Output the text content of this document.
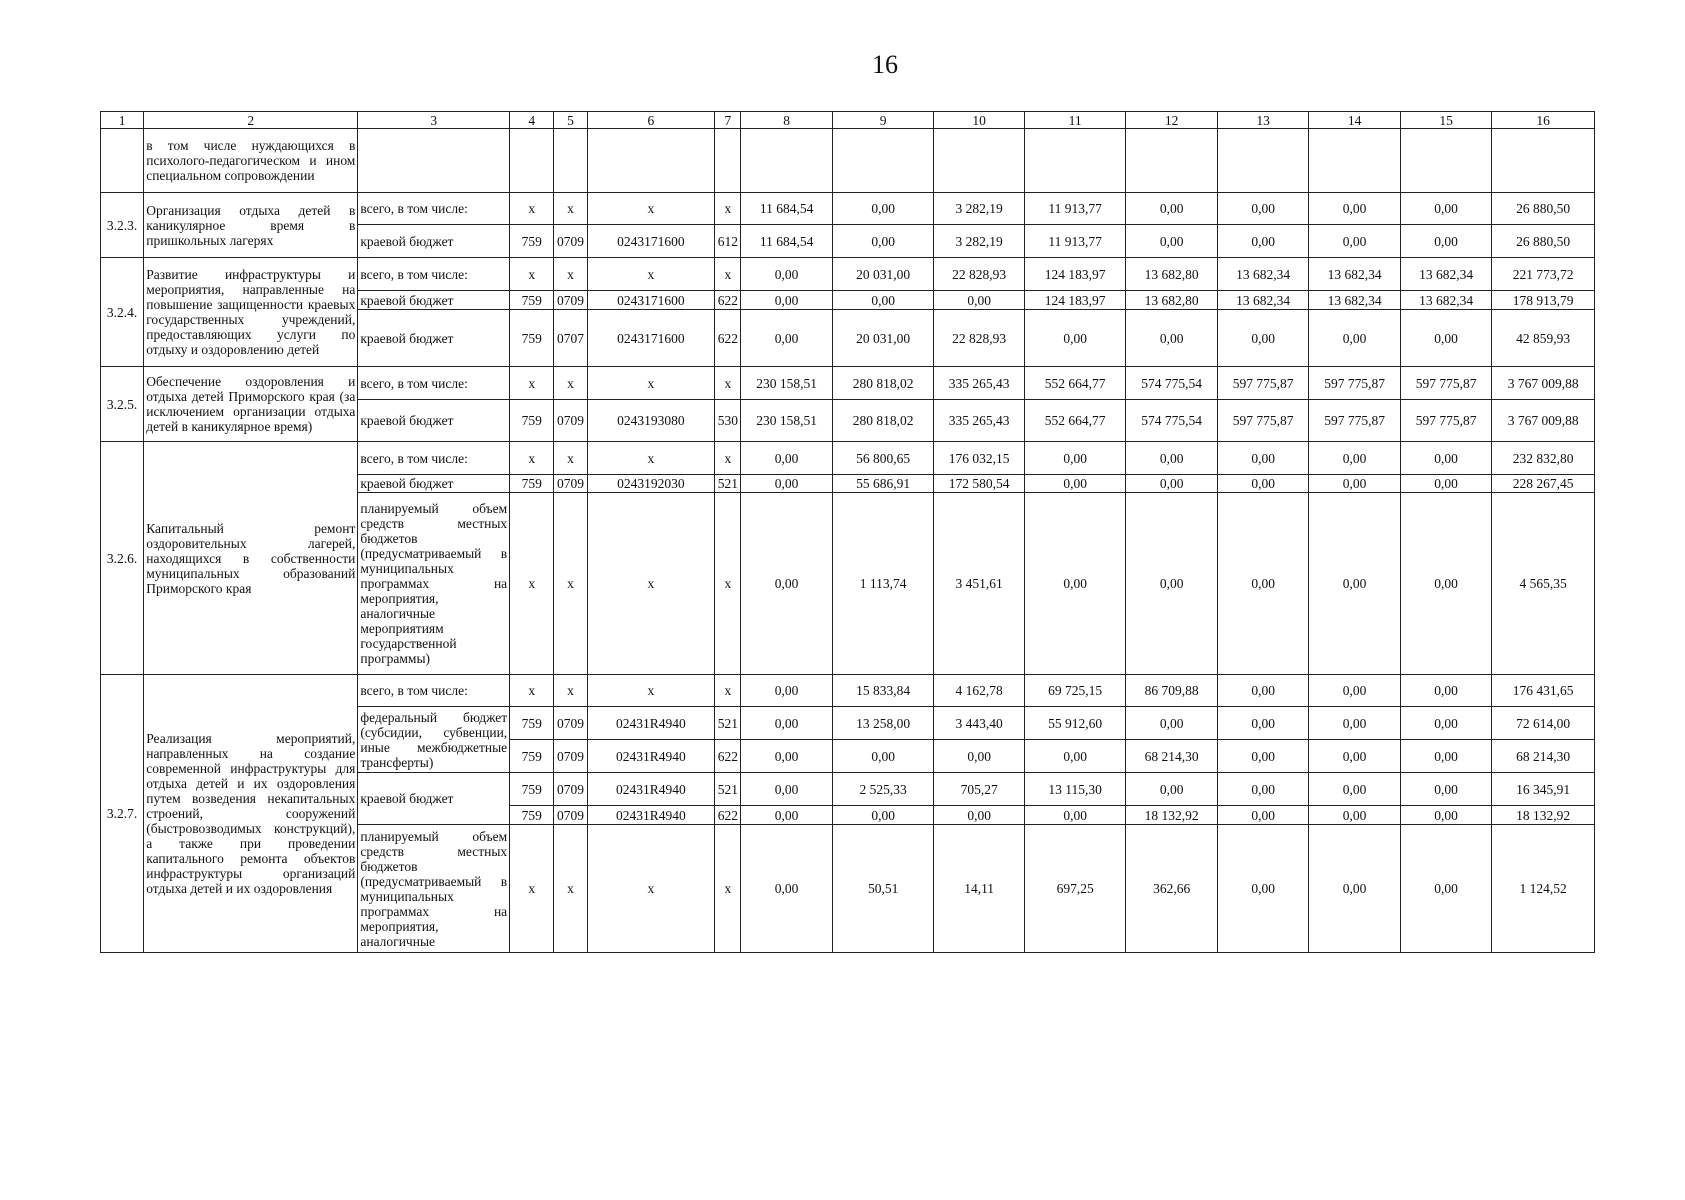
16
1	2	3	4	5	6	7	8	9	10	11	12	13	14	15	16
	в том числе нуждающихся в психолого-педагогическом и ином специальном сопровождении														
3.2.3.	Организация отдыха детей в каникулярное время в пришкольных лагерях	всего, в том числе:	x	x	x	x	11 684,54	0,00	3 282,19	11 913,77	0,00	0,00	0,00	0,00	26 880,50
		краевой бюджет	759	0709	0243171600	612	11 684,54	0,00	3 282,19	11 913,77	0,00	0,00	0,00	0,00	26 880,50
3.2.4.	Развитие инфраструктуры и мероприятия, направленные на повышение защищенности краевых государственных учреждений, предоставляющих услуги по отдыху и оздоровлению детей	всего, в том числе:	x	x	x	x	0,00	20 031,00	22 828,93	124 183,97	13 682,80	13 682,34	13 682,34	13 682,34	221 773,72
		краевой бюджет	759	0709	0243171600	622	0,00	0,00	0,00	124 183,97	13 682,80	13 682,34	13 682,34	13 682,34	178 913,79
		краевой бюджет	759	0707	0243171600	622	0,00	20 031,00	22 828,93	0,00	0,00	0,00	0,00	0,00	42 859,93
3.2.5.	Обеспечение оздоровления и отдыха детей Приморского края (за исключением организации отдыха детей в каникулярное время)	всего, в том числе:	x	x	x	x	230 158,51	280 818,02	335 265,43	552 664,77	574 775,54	597 775,87	597 775,87	597 775,87	3 767 009,88
		краевой бюджет	759	0709	0243193080	530	230 158,51	280 818,02	335 265,43	552 664,77	574 775,54	597 775,87	597 775,87	597 775,87	3 767 009,88
3.2.6.	Капитальный ремонт оздоровительных лагерей, находящихся в собственности муниципальных образований Приморского края	всего, в том числе:	x	x	x	x	0,00	56 800,65	176 032,15	0,00	0,00	0,00	0,00	0,00	232 832,80
		краевой бюджет	759	0709	0243192030	521	0,00	55 686,91	172 580,54	0,00	0,00	0,00	0,00	0,00	228 267,45
		планируемый объем средств местных бюджетов (предусматриваемый в муниципальных программах на мероприятия, аналогичные мероприятиям государственной программы)	x	x	x	x	0,00	1 113,74	3 451,61	0,00	0,00	0,00	0,00	0,00	4 565,35
3.2.7.	Реализация мероприятий, направленных на создание современной инфраструктуры для отдыха детей и их оздоровления путем возведения некапитальных строений, сооружений (быстровозводимых конструкций), а также при проведении капитального ремонта объектов инфраструктуры организаций отдыха детей и их оздоровления	всего, в том числе:	x	x	x	x	0,00	15 833,84	4 162,78	69 725,15	86 709,88	0,00	0,00	0,00	176 431,65
		федеральный бюджет (субсидии, субвенции, иные межбюджетные трансферты)	759	0709	02431R4940	521	0,00	13 258,00	3 443,40	55 912,60	0,00	0,00	0,00	0,00	72 614,00
			759	0709	02431R4940	622	0,00	0,00	0,00	0,00	68 214,30	0,00	0,00	0,00	68 214,30
		краевой бюджет	759	0709	02431R4940	521	0,00	2 525,33	705,27	13 115,30	0,00	0,00	0,00	0,00	16 345,91
			759	0709	02431R4940	622	0,00	0,00	0,00	0,00	18 132,92	0,00	0,00	0,00	18 132,92
		планируемый объем средств местных бюджетов (предусматриваемый в муниципальных программах на мероприятия, аналогичные	x	x	x	x	0,00	50,51	14,11	697,25	362,66	0,00	0,00	0,00	1 124,52
